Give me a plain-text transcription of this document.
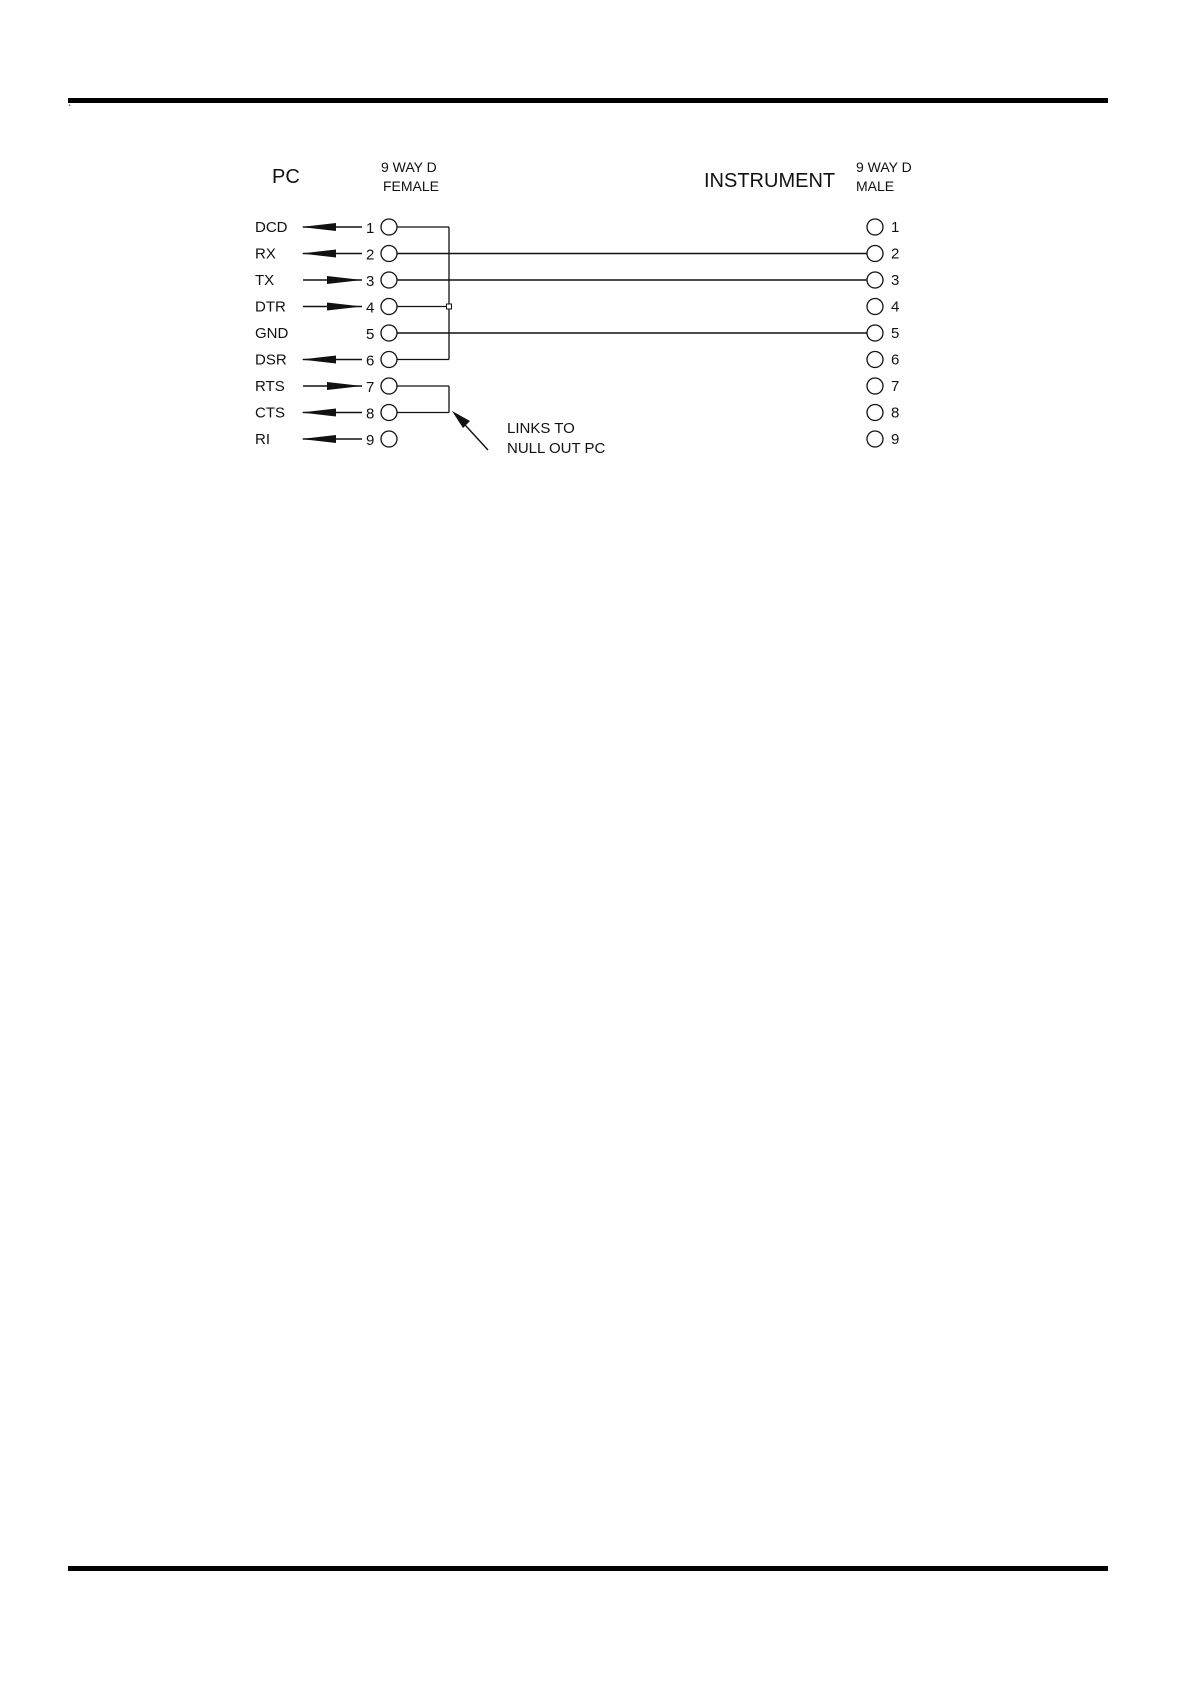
`
PC	9 WAY D
FEMALE	INSTRUMENT
9 WAY D
MALE
LINKS TO
NULL OUT PC
DCD	1
RX	2
TX	3
DTR	4
GND	5
DSR	6
RTS	7
CTS	8
RI	9
1
2
3
4
5
6
7
8
9
